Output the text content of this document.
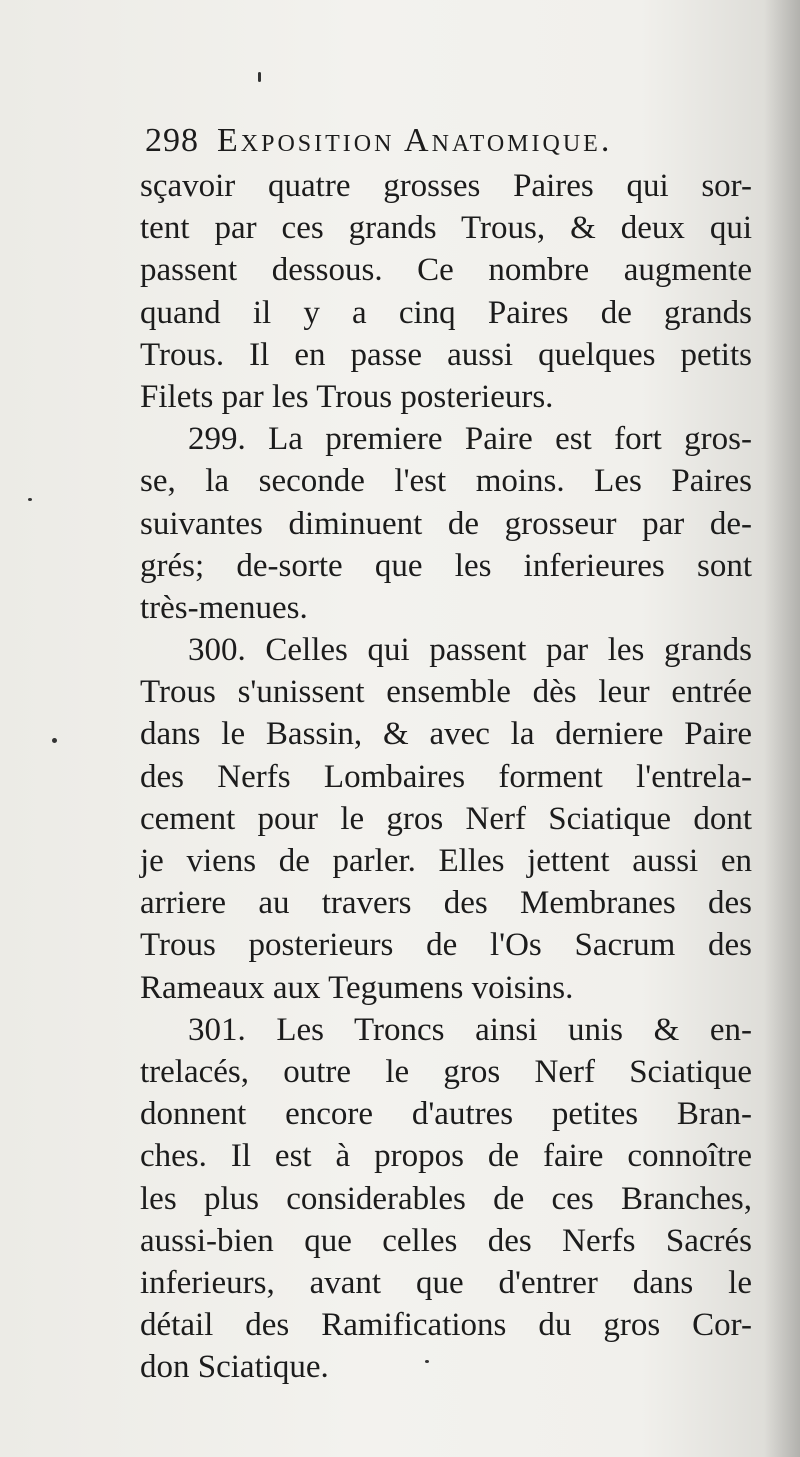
298 Exposition Anatomique.
sçavoir quatre grosses Paires qui sor-
tent par ces grands Trous, & deux qui
passent dessous. Ce nombre augmente
quand il y a cinq Paires de grands
Trous. Il en passe aussi quelques petits
Filets par les Trous posterieurs.
299. La premiere Paire est fort gros-
se, la seconde l'est moins. Les Paires
suivantes diminuent de grosseur par de-
grés; de-sorte que les inferieures sont
très-menues.
300. Celles qui passent par les grands
Trous s'unissent ensemble dès leur entrée
dans le Bassin, & avec la derniere Paire
des Nerfs Lombaires forment l'entrela-
cement pour le gros Nerf Sciatique dont
je viens de parler. Elles jettent aussi en
arriere au travers des Membranes des
Trous posterieurs de l'Os Sacrum des
Rameaux aux Tegumens voisins.
301. Les Troncs ainsi unis & en-
trelacés, outre le gros Nerf Sciatique
donnent encore d'autres petites Bran-
ches. Il est à propos de faire connoître
les plus considerables de ces Branches,
aussi-bien que celles des Nerfs Sacrés
inferieurs, avant que d'entrer dans le
détail des Ramifications du gros Cor-
don Sciatique.
